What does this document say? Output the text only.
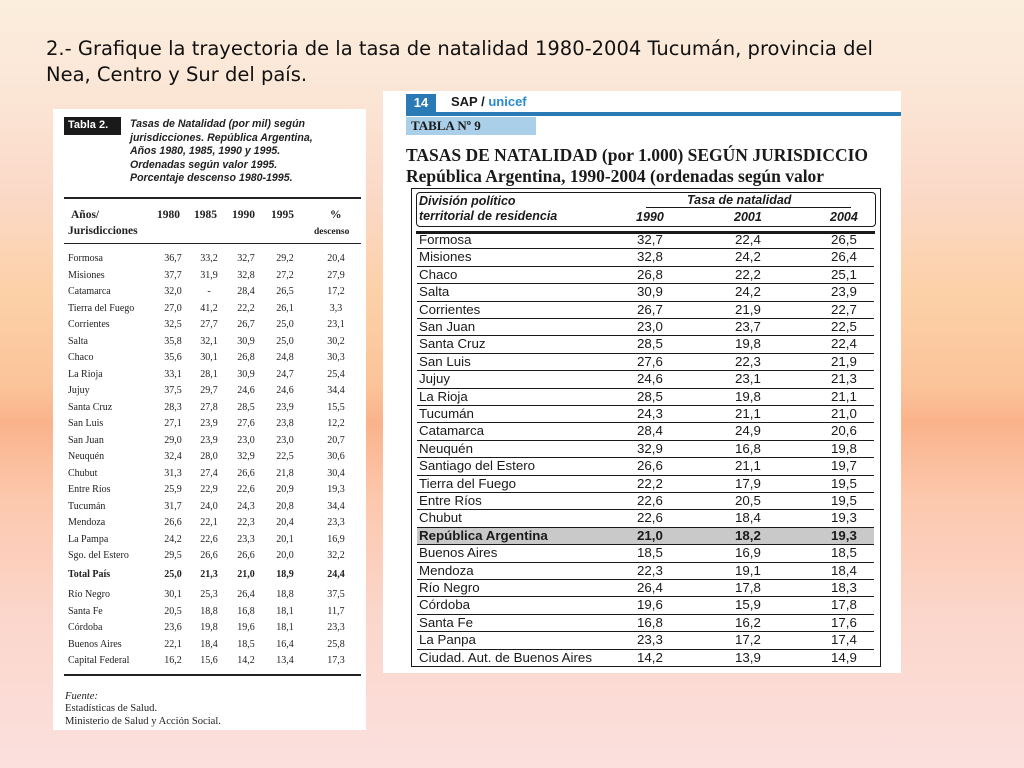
2.- Grafique la trayectoria de la tasa de natalidad 1980-2004 Tucumán, provincia del
Nea, Centro y Sur del país.
Tabla 2.	Tasas de Natalidad (por mil) según
jurisdicciones. República Argentina,
Años 1980, 1985, 1990 y 1995.
Ordenadas según valor 1995.
Porcentaje descenso 1980-1995.
Años/
Jurisdicciones
1980 1985 1990 1995	%
descenso
Formosa	36,7	33,2	32,7	29,2	20,4
Misiones	37,7	31,9	32,8	27,2	27,9
Catamarca	32,0	-	28,4	26,5	17,2
Tierra del Fuego	27,0	41,2	22,2	26,1	3,3
Corrientes	32,5	27,7	26,7	25,0	23,1
Salta	35,8	32,1	30,9	25,0	30,2
Chaco	35,6	30,1	26,8	24,8	30,3
La Rioja	33,1	28,1	30,9	24,7	25,4
Jujuy	37,5	29,7	24,6	24,6	34,4
Santa Cruz	28,3	27,8	28,5	23,9	15,5
San Luis	27,1	23,9	27,6	23,8	12,2
San Juan	29,0	23,9	23,0	23,0	20,7
Neuquén	32,4	28,0	32,9	22,5	30,6
Chubut	31,3	27,4	26,6	21,8	30,4
Entre Ríos	25,9	22,9	22,6	20,9	19,3
Tucumán	31,7	24,0	24,3	20,8	34,4
Mendoza	26,6	22,1	22,3	20,4	23,3
La Pampa	24,2	22,6	23,3	20,1	16,9
Sgo. del Estero	29,5	26,6	26,6	20,0	32,2
Total País	25,0	21,3	21,0	18,9	24,4
Río Negro	30,1	25,3	26,4	18,8	37,5
Santa Fe	20,5	18,8	16,8	18,1	11,7
Córdoba	23,6	19,8	19,6	18,1	23,3
Buenos Aires	22,1	18,4	18,5	16,4	25,8
Capital Federal	16,2	15,6	14,2	13,4	17,3
Fuente:
Estadísticas de Salud.
Ministerio de Salud y Acción Social.
14	SAP / unicef
TABLA Nº 9
TASAS DE NATALIDAD (por 1.000) SEGÚN JURISDICCIO
República Argentina, 1990-2004 (ordenadas según valor
División político
territorial de residencia
Tasa de natalidad
1990	2001	2004
Formosa	32,7	22,4	26,5
Misiones	32,8	24,2	26,4
Chaco	26,8	22,2	25,1
Salta	30,9	24,2	23,9
Corrientes	26,7	21,9	22,7
San Juan	23,0	23,7	22,5
Santa Cruz	28,5	19,8	22,4
San Luis	27,6	22,3	21,9
Jujuy	24,6	23,1	21,3
La Rioja	28,5	19,8	21,1
Tucumán	24,3	21,1	21,0
Catamarca	28,4	24,9	20,6
Neuquén	32,9	16,8	19,8
Santiago del Estero	26,6	21,1	19,7
Tierra del Fuego	22,2	17,9	19,5
Entre Ríos	22,6	20,5	19,5
Chubut	22,6	18,4	19,3
República Argentina	21,0	18,2	19,3
Buenos Aires	18,5	16,9	18,5
Mendoza	22,3	19,1	18,4
Río Negro	26,4	17,8	18,3
Córdoba	19,6	15,9	17,8
Santa Fe	16,8	16,2	17,6
La Panpa	23,3	17,2	17,4
Ciudad. Aut. de Buenos Aires	14,2	13,9	14,9
